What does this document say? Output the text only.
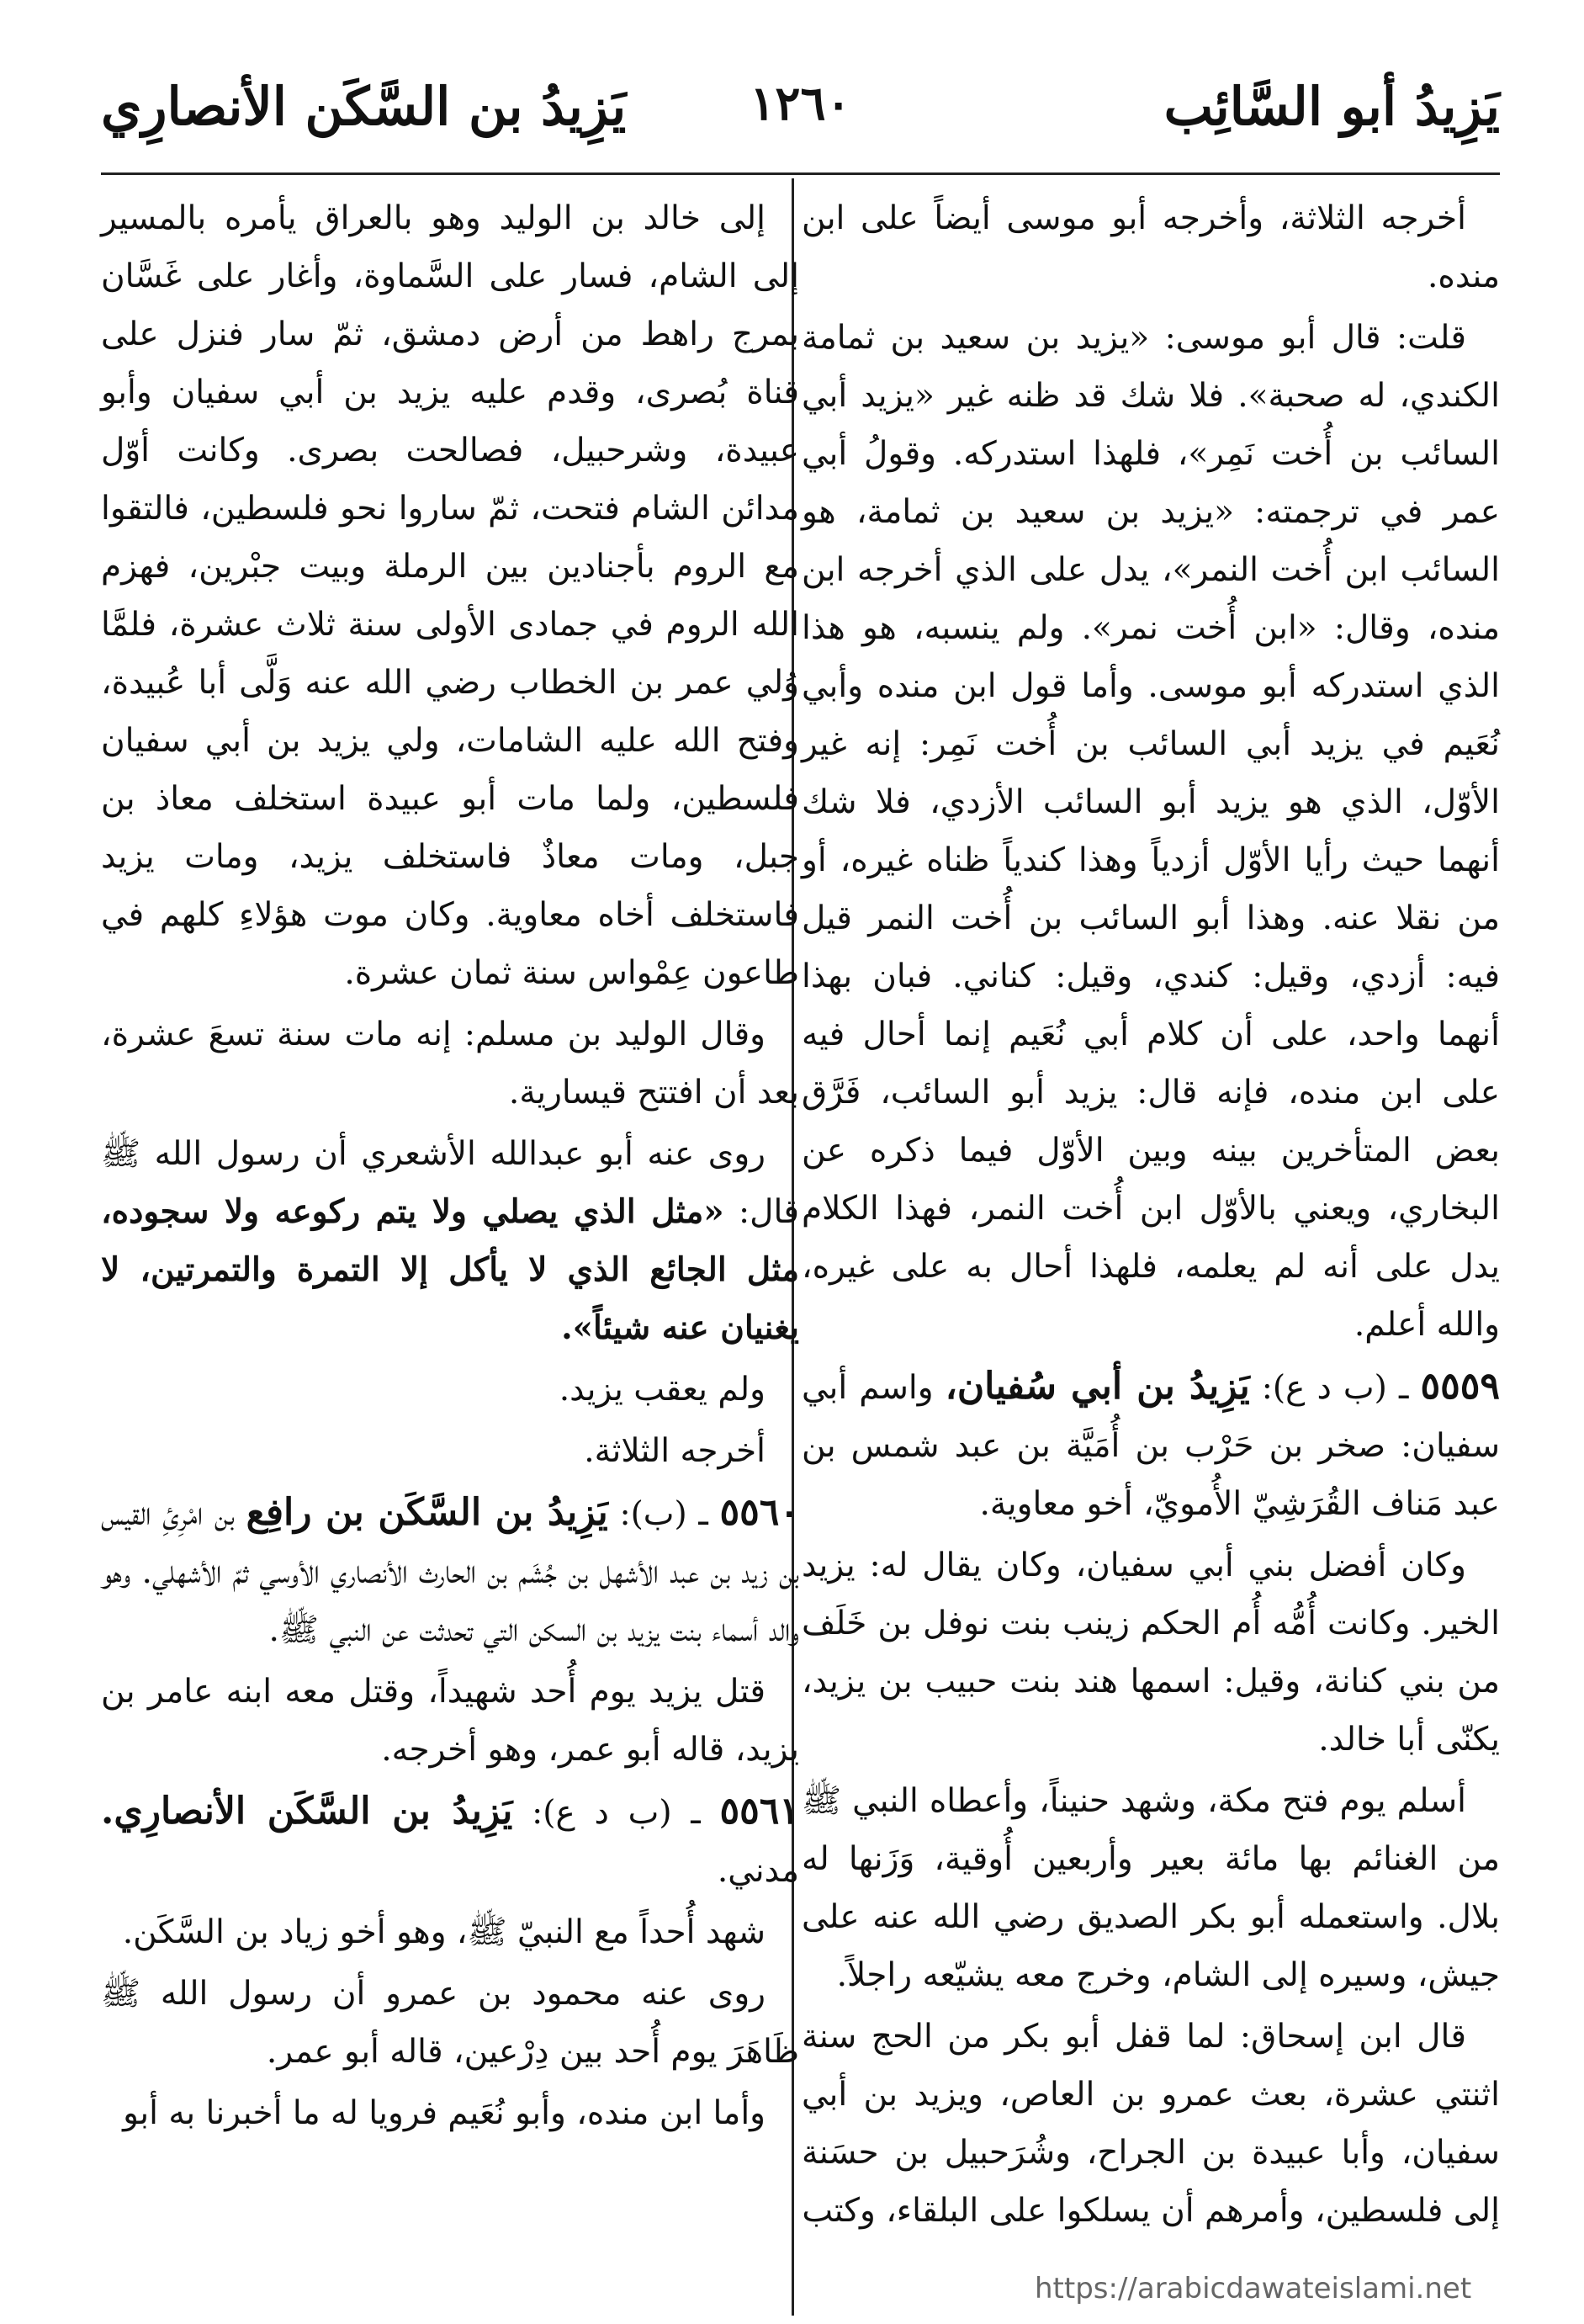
يَزِيدُ أبو السَّائِب
١٢٦٠
يَزِيدُ بن السَّكَن الأنصارِي

أخرجه الثلاثة، وأخرجه أبو موسى أيضاً على ابن منده.

قلت: قال أبو موسى: «يزيد بن سعيد بن ثمامة الكندي، له صحبة». فلا شك قد ظنه غير «يزيد أبي السائب بن أُخت نَمِر»، فلهذا استدركه. وقولُ أبي عمر في ترجمته: «يزيد بن سعيد بن ثمامة، هو السائب ابن أُخت النمر»، يدل على الذي أخرجه ابن منده، وقال: «ابن أُخت نمر». ولم ينسبه، هو هذا الذي استدركه أبو موسى. وأما قول ابن منده وأبي نُعَيم في يزيد أبي السائب بن أُخت نَمِر: إنه غير الأوّل، الذي هو يزيد أبو السائب الأزدي، فلا شك أنهما حيث رأيا الأوّل أزدياً وهذا كندياً ظناه غيره، أو من نقلا عنه. وهذا أبو السائب بن أُخت النمر قيل فيه: أزدي، وقيل: كندي، وقيل: كناني. فبان بهذا أنهما واحد، على أن كلام أبي نُعَيم إنما أحال فيه على ابن منده، فإنه قال: يزيد أبو السائب، فَرَّق بعض المتأخرين بينه وبين الأوّل فيما ذكره عن البخاري، ويعني بالأوّل ابن أُخت النمر، فهذا الكلام يدل على أنه لم يعلمه، فلهذا أحال به على غيره، والله أعلم.

٥٥٥٩ ـ (ب د ع): يَزِيدُ بن أبي سُفيان، واسم أبي سفيان: صخر بن حَرْب بن أُمَيَّة بن عبد شمس بن عبد مَناف القُرَشِيّ الأُمويّ، أخو معاوية.

وكان أفضل بني أبي سفيان، وكان يقال له: يزيد الخير. وكانت أُمُّه أُم الحكم زينب بنت نوفل بن خَلَف من بني كنانة، وقيل: اسمها هند بنت حبيب بن يزيد، يكنّى أبا خالد.

أسلم يوم فتح مكة، وشهد حنيناً، وأعطاه النبي ﷺ من الغنائم بها مائة بعير وأربعين أُوقية، وَزَنها له بلال. واستعمله أبو بكر الصديق رضي الله عنه على جيش، وسيره إلى الشام، وخرج معه يشيّعه راجلاً.

قال ابن إسحاق: لما قفل أبو بكر من الحج سنة اثنتي عشرة، بعث عمرو بن العاص، ويزيد بن أبي سفيان، وأبا عبيدة بن الجراح، وشُرَحبيل بن حسَنة إلى فلسطين، وأمرهم أن يسلكوا على البلقاء، وكتب

إلى خالد بن الوليد وهو بالعراق يأمره بالمسير إلى الشام، فسار على السَّماوة، وأغار على غَسَّان بمرج راهط من أرض دمشق، ثمّ سار فنزل على قناة بُصرى، وقدم عليه يزيد بن أبي سفيان وأبو عبيدة، وشرحبيل، فصالحت بصرى. وكانت أوّل مدائن الشام فتحت، ثمّ ساروا نحو فلسطين، فالتقوا مع الروم بأجنادين بين الرملة وبيت جبْرين، فهزم الله الروم في جمادى الأولى سنة ثلاث عشرة، فلمَّا وُلي عمر بن الخطاب رضي الله عنه وَلَّى أبا عُبيدة، وفتح الله عليه الشامات، ولي يزيد بن أبي سفيان فلسطين، ولما مات أبو عبيدة استخلف معاذ بن جبل، ومات معاذٌ فاستخلف يزيد، ومات يزيد فاستخلف أخاه معاوية. وكان موت هؤلاءِ كلهم في طاعون عِمْواس سنة ثمان عشرة.

وقال الوليد بن مسلم: إنه مات سنة تسعَ عشرة، بعد أن افتتح قيسارية.

روى عنه أبو عبدالله الأشعري أن رسول الله ﷺ قال: «مثل الذي يصلي ولا يتم ركوعه ولا سجوده، مثل الجائع الذي لا يأكل إلا التمرة والتمرتين، لا يغنيان عنه شيئاً».

ولم يعقب يزيد.

أخرجه الثلاثة.

٥٥٦٠ ـ (ب): يَزِيدُ بن السَّكَن بن رافِع بن امْرِئِ القيس بن زيد بن عبد الأشهل بن جُشَم بن الحارث الأنصاري الأوسي ثمّ الأشهلي. وهو والد أسماء بنت يزيد بن السكن التي تحدثت عن النبي ﷺ.

قتل يزيد يوم أُحد شهيداً، وقتل معه ابنه عامر بن يزيد، قاله أبو عمر، وهو أخرجه.

٥٥٦١ ـ (ب د ع): يَزِيدُ بن السَّكَن الأنصارِي. مدني.

شهد أُحداً مع النبيّ ﷺ، وهو أخو زياد بن السَّكَن.

روى عنه محمود بن عمرو أن رسول الله ﷺ ظَاهَرَ يوم أُحد بين دِرْعين، قاله أبو عمر.

وأما ابن منده، وأبو نُعَيم فرويا له ما أخبرنا به أبو

https://arabicdawateislami.net
